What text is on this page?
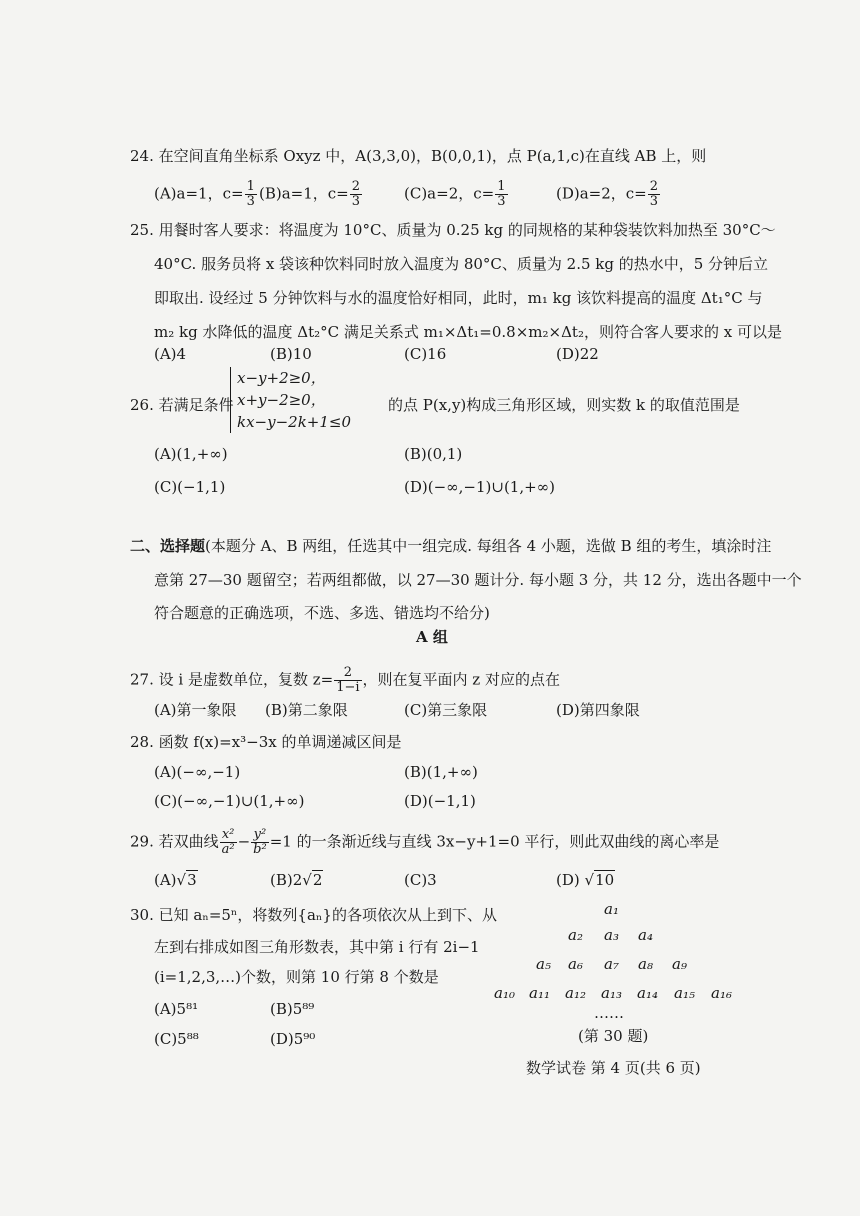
24. 在空间直角坐标系 Oxyz 中，A(3,3,0)，B(0,0,1)，点 P(a,1,c)在直线 AB 上，则
(A)a=1，$c= \frac{1}{3} (B)a=1$，$c= \frac{2}{3}$	(C)a=2，$c= \frac{1}{3}$	(D)a=2，$c= \frac{2}{3}$
25. 用餐时客人要求：将温度为 10°C、质量为 0.25 kg 的同规格的某种袋装饮料加热至 30°C～
40°C. 服务员将 x 袋该种饮料同时放入温度为 80°C、质量为 2.5 kg 的热水中，5 分钟后立
即取出. 设经过 5 分钟饮料与水的温度恰好相同，此时，m₁ kg 该饮料提高的温度 Δt₁°C 与
m₂ kg 水降低的温度 Δt₂°C 满足关系式 m₁×Δt₁=0.8×m₂×Δt₂，则符合客人要求的 x 可以是
(A)4	(B)10	(C)16	(D)22
26. 若满足条件
x−y+2≥0，
x+y−2≥0，
kx−y−2k+1≤0
的点 P(x,y)构成三角形区域，则实数 k 的取值范围是
(A)(1,+∞)	(B)(0,1)
(C)(−1,1)	(D)(−∞,−1)∪(1,+∞)
二、选择题(本题分 A、B 两组，任选其中一组完成. 每组各 4 小题，选做 B 组的考生，填涂时注
意第 27—30 题留空；若两组都做，以 27—30 题计分. 每小题 3 分，共 12 分，选出各题中一个
符合题意的正确选项，不选、多选、错选均不给分)
A 组
27. 设 i 是虚数单位，复数 $z= \frac{2}{1-i}$ ，则在复平面内 z 对应的点在
(A)第一象限 (B)第二象限	(C)第三象限	(D)第四象限
28. 函数 f(x)=x³−3x 的单调递减区间是
(A)(−∞,−1)	(B)(1,+∞)
(C)(−∞,−1)∪(1,+∞)	(D)(−1,1)
29. 若双曲线 $\frac{\text{x²}}{\text{a²}} - \frac{\text{y²}}{\text{b²}} =1$ 的一条渐近线与直线 3x−y+1=0 平行，则此双曲线的离心率是
(A)√3	(B)2√2	(C)3	(D) √10
30. 已知 aₙ=5ⁿ，将数列{aₙ}的各项依次从上到下、从
左到右排成如图三角形数表，其中第 i 行有 2i−1
(i=1,2,3,…)个数，则第 10 行第 8 个数是
(A)5⁸¹	(B)5⁸⁹
(C)5⁸⁸	(D)5⁹⁰
a₁
a₂ a₃ a₄
a₅ a₆ a₇ a₈ a₉
a₁₀ a₁₁ a₁₂ a₁₃ a₁₄ a₁₅ a₁₆
……
(第 30 题)
数学试卷 第 4 页(共 6 页)
